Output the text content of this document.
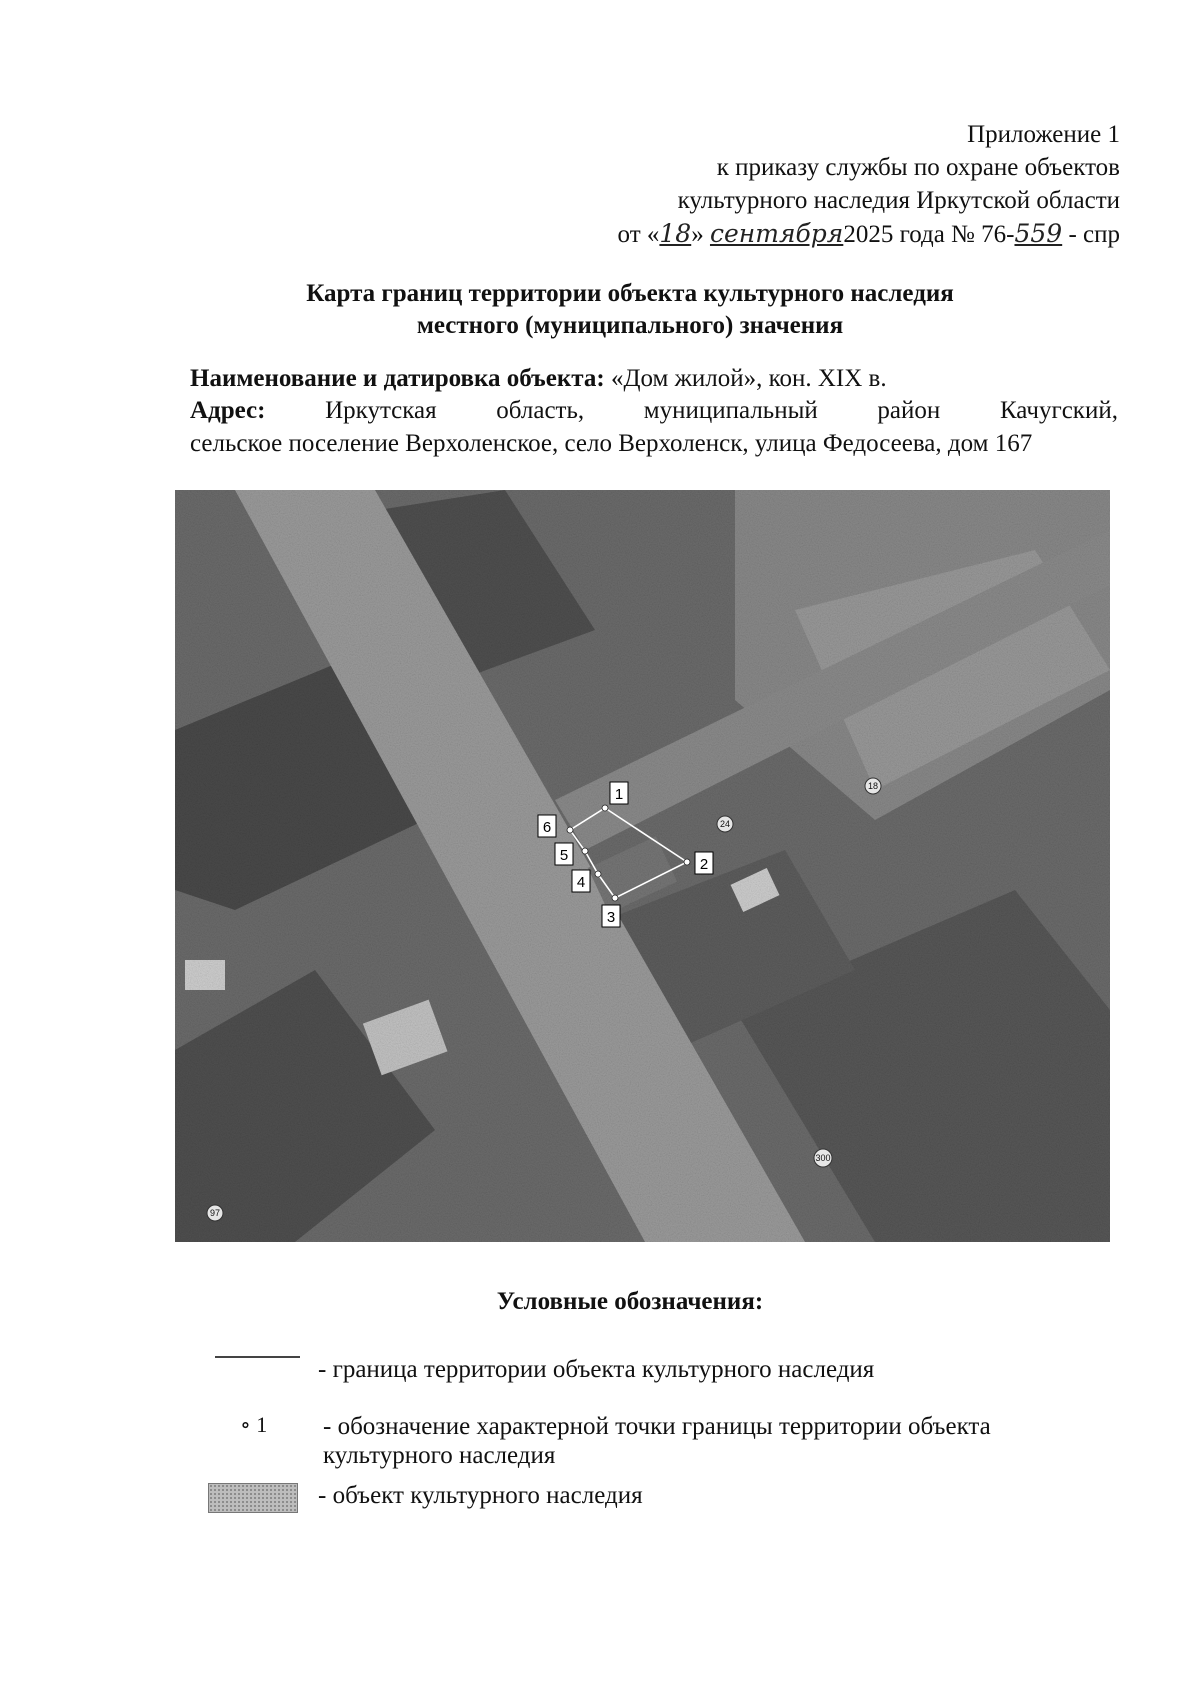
Приложение 1
к приказу службы по охране объектов
культурного наследия Иркутской области
от «18» сентября2025 года № 76-559 - спр
Карта границ территории объекта культурного наследия
местного (муниципального) значения
Наименование и датировка объекта: «Дом жилой», кон. XIX в.
Адрес: Иркутская область, муниципальный район Качугский,
сельское поселение Верхоленское, село Верхоленск, улица Федосеева, дом 167
1
2
3
4
5
6	24
18
300
97
Условные обозначения:
- граница территории объекта культурного наследия
∘ 1 - обозначение характерной точки границы территории объекта культурного наследия
- объект культурного наследия
